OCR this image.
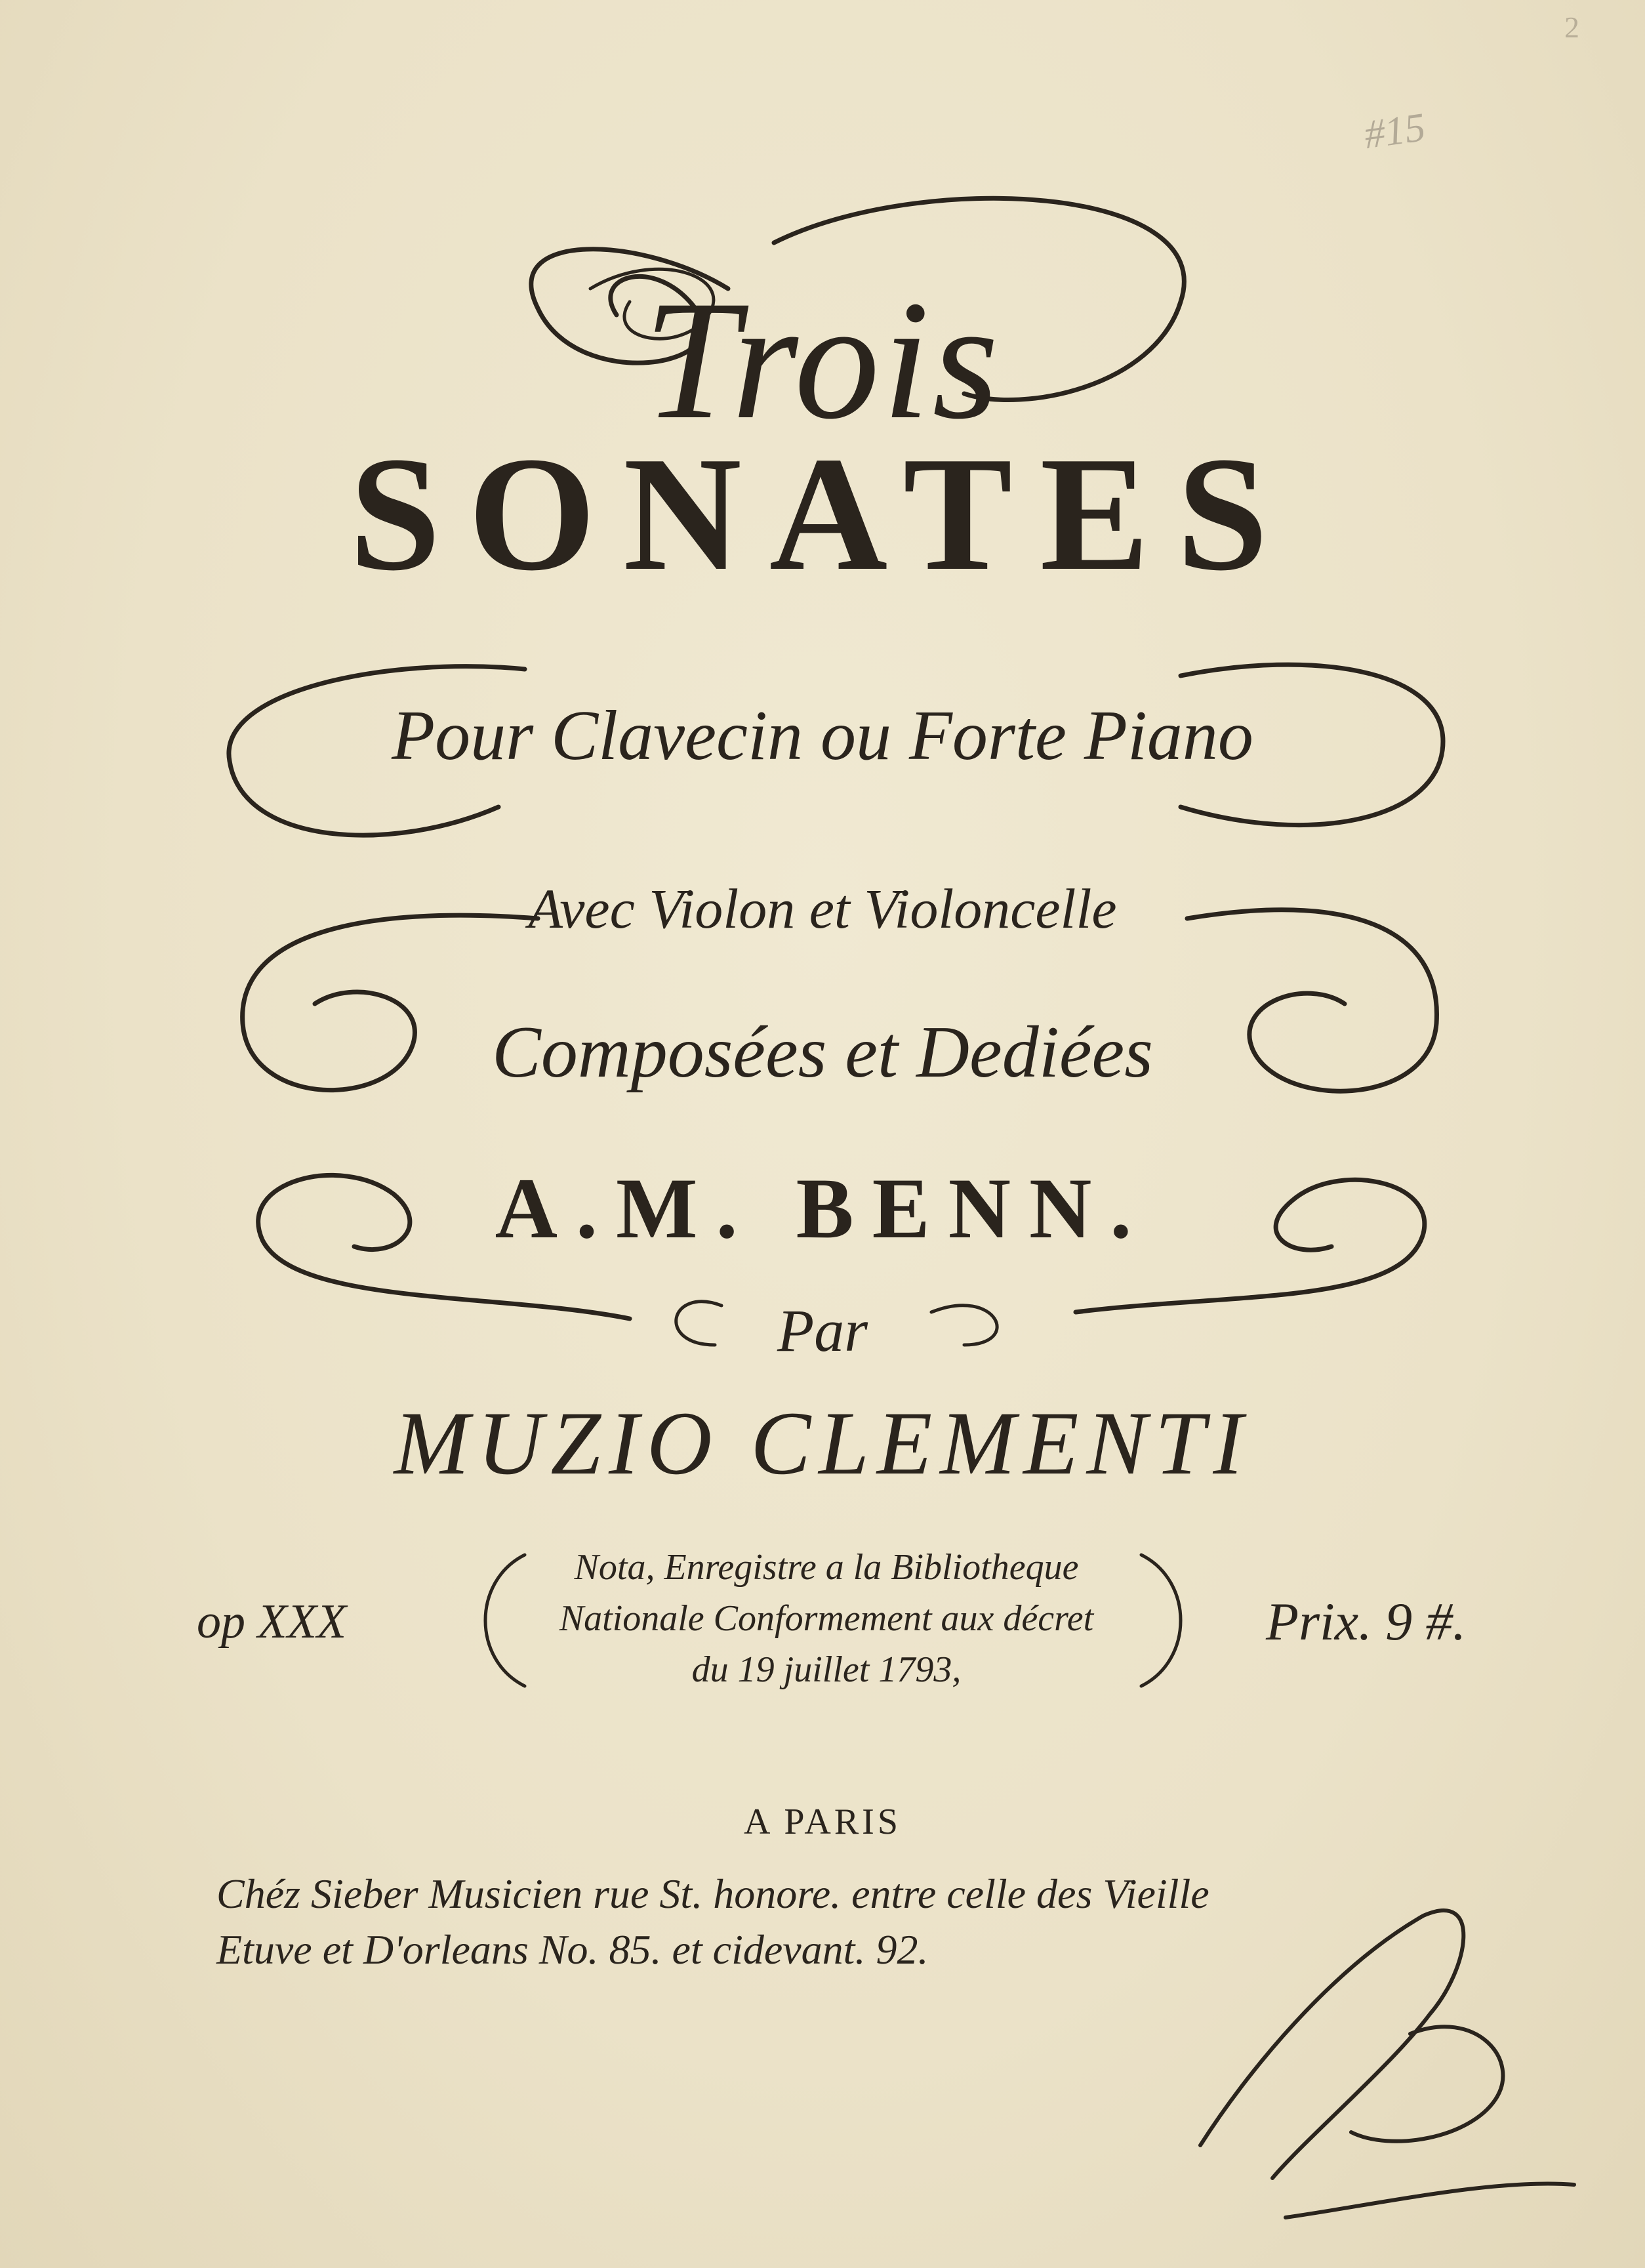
Trois
SONATES
Pour Clavecin ou Forte Piano
Avec Violon et Violoncelle
Composées et Dediées
A.M. BENN.
Par
MUZIO CLEMENTI
op XXX
Nota, Enregistre a la Bibliotheque
Nationale Conformement aux décret
du 19 juillet 1793,
Prix. 9 #.
A PARIS
Chéz Sieber Musicien rue St. honore. entre celle des Vieille
Etuve et D'orleans No. 85. et cidevant. 92.
#15
2
